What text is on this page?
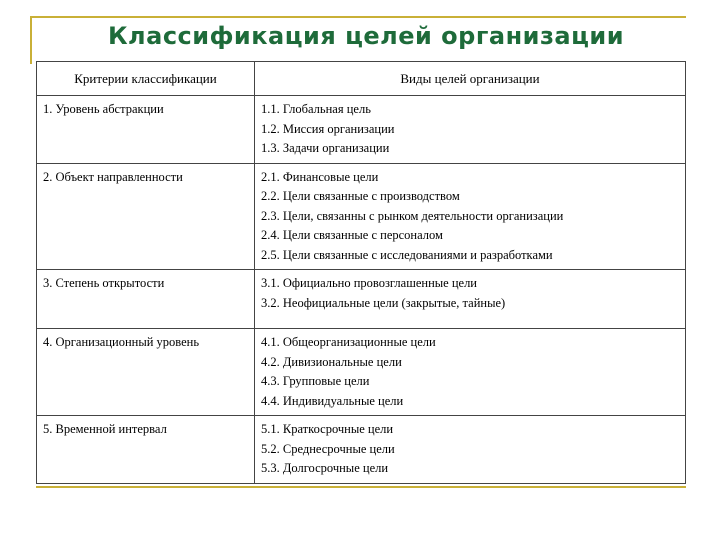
Классификация целей организации
Критерии классификации	Виды целей организации

1. Уровень абстракции	1.1. Глобальная цель
1.2. Миссия организации
1.3. Задачи организации

2. Объект направленности	2.1. Финансовые цели
2.2. Цели связанные с производством
2.3. Цели, связанны с рынком деятельности организации
2.4. Цели связанные с персоналом
2.5. Цели связанные с исследованиями и разработками

3. Степень открытости	3.1. Официально провозглашенные цели
3.2. Неофициальные цели (закрытые, тайные)

4. Организационный уровень	4.1. Общеорганизационные цели
4.2. Дивизиональные цели
4.3. Групповые цели
4.4. Индивидуальные цели

5. Временной интервал	5.1. Краткосрочные цели
5.2. Среднесрочные цели
5.3. Долгосрочные цели
